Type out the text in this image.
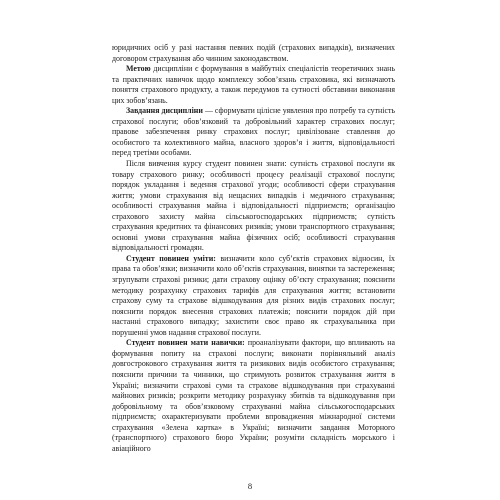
юридичних осіб у разі настання певних подій (страхових випадків), визначених договором страхування або чинним законодавством.

Метою дисципліни є формування в майбутніх спеціалістів теоретичних знань та практичних навичок щодо комплексу зобов’язань страховика, які визначають поняття страхового продукту, а також передумов та сутності обставини виконання цих зобов’язань.

Завдання дисципліни — сформувати цілісне уявлення про потребу та сутність страхової послуги; обов’язковий та добровільний характер страхових послуг; правове забезпечення ринку страхових послуг; цивілізоване ставлення до особистого та колективного майна, власного здоров’я і життя, відповідальності перед третіми особами.

Після вивчення курсу студент повинен знати: сутність страхової послуги як товару страхового ринку; особливості процесу реалізації страхової послуги; порядок укладання і ведення страхової угоди; особливості сфери страхування життя; умови страхування від нещасних випадків і медичного страхування; особливості страхування майна і відповідальності підприємств; організацію страхового захисту майна сільськогосподарських підприємств; сутність страхування кредитних та фінансових ризиків; умови транспортного страхування; основні умови страхування майна фізичних осіб; особливості страхування відповідальності громадян.

Студент повинен уміти: визначити коло суб’єктів страхових відносин, їх права та обов’язки; визначити коло об’єктів страхування, винятки та застереження; згрупувати страхові ризики; дати страхову оцінку об’єкту страхування; пояснити методику розрахунку страхових тарифів для страхування життя; встановити страхову суму та страхове відшкодування для різних видів страхових послуг; пояснити порядок внесення страхових платежів; пояснити порядок дій при настанні страхового випадку; захистити своє право як страхувальника при порушенні умов надання страхової послуги.

Студент повинен мати навички: проаналізувати фактори, що впливають на формування попиту на страхові послуги; виконати порівняльний аналіз довгострокового страхування життя та ризикових видів особистого страхування; пояснити причини та чинники, що стримують розвиток страхування життя в Україні; визначити страхові суми та страхове відшкодування при страхуванні майнових ризиків; розкрити методику розрахунку збитків та відшкодування при добровільному та обов’язковому страхуванні майна сільськогосподарських підприємств; охарактеризувати проблеми впровадження міжнародної системи страхування «Зелена картка» в Україні; визначити завдання Моторного (транспортного) страхового бюро України; розуміти складність морського і авіаційного

8
